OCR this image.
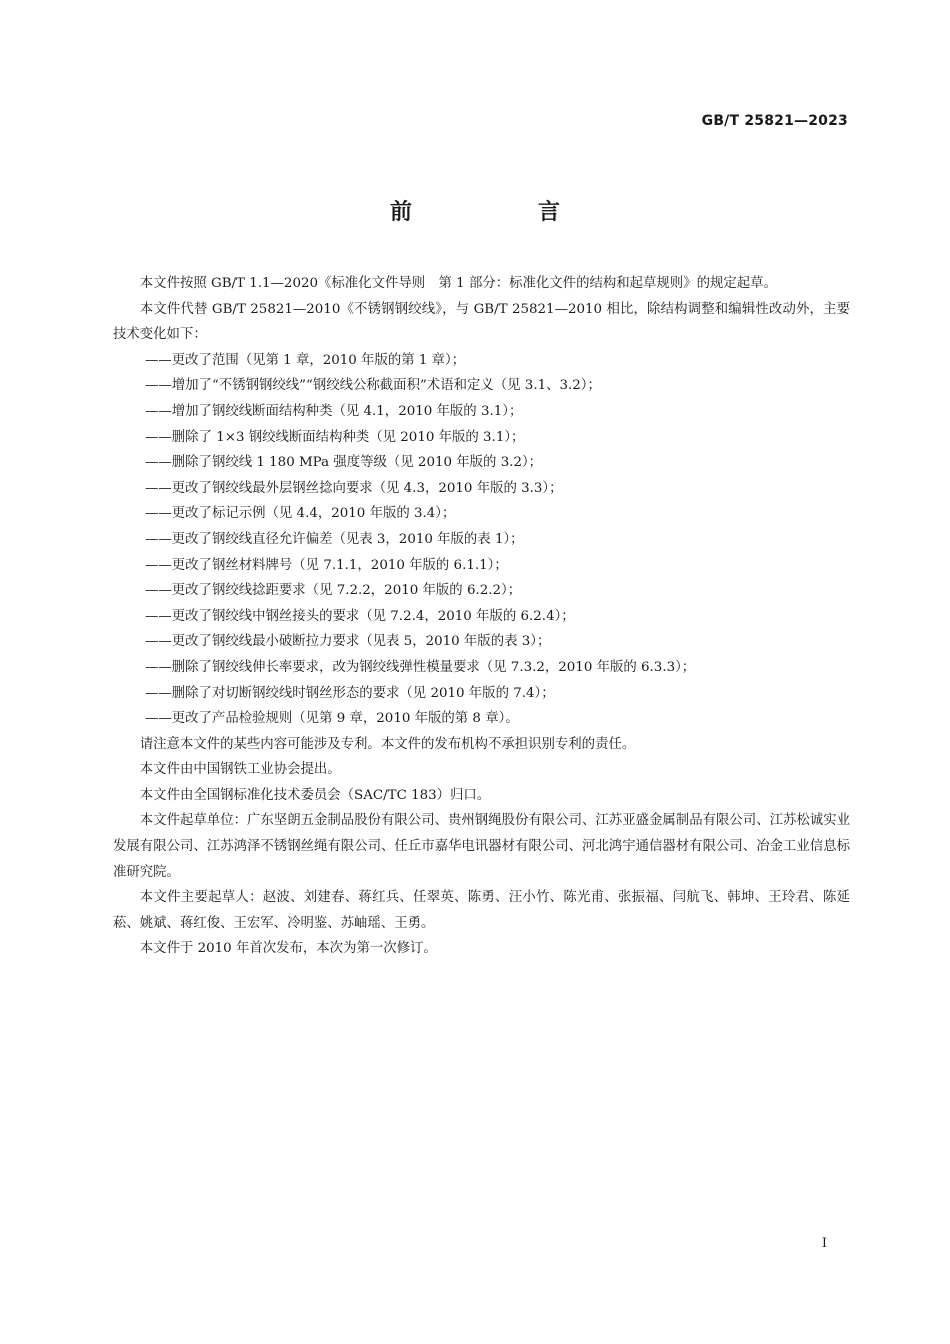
GB/T 25821—2023
前　言

本文件按照 GB/T 1.1—2020《标准化文件导则　第 1 部分：标准化文件的结构和起草规则》的规定起草。

本文件代替 GB/T 25821—2010《不锈钢钢绞线》，与 GB/T 25821—2010 相比，除结构调整和编辑性改动外，主要技术变化如下：

——更改了范围（见第 1 章，2010 年版的第 1 章）；

——增加了“不锈钢钢绞线”“钢绞线公称截面积”术语和定义（见 3.1、3.2）；

——增加了钢绞线断面结构种类（见 4.1，2010 年版的 3.1）；

——删除了 1×3 钢绞线断面结构种类（见 2010 年版的 3.1）；

——删除了钢绞线 1 180 MPa 强度等级（见 2010 年版的 3.2）；

——更改了钢绞线最外层钢丝捻向要求（见 4.3，2010 年版的 3.3）；

——更改了标记示例（见 4.4，2010 年版的 3.4）；

——更改了钢绞线直径允许偏差（见表 3，2010 年版的表 1）；

——更改了钢丝材料牌号（见 7.1.1，2010 年版的 6.1.1）；

——更改了钢绞线捻距要求（见 7.2.2，2010 年版的 6.2.2）；

——更改了钢绞线中钢丝接头的要求（见 7.2.4，2010 年版的 6.2.4）；

——更改了钢绞线最小破断拉力要求（见表 5，2010 年版的表 3）；

——删除了钢绞线伸长率要求，改为钢绞线弹性模量要求（见 7.3.2，2010 年版的 6.3.3）；

——删除了对切断钢绞线时钢丝形态的要求（见 2010 年版的 7.4）；

——更改了产品检验规则（见第 9 章，2010 年版的第 8 章）。

请注意本文件的某些内容可能涉及专利。本文件的发布机构不承担识别专利的责任。

本文件由中国钢铁工业协会提出。

本文件由全国钢标准化技术委员会（SAC/TC 183）归口。

本文件起草单位：广东坚朗五金制品股份有限公司、贵州钢绳股份有限公司、江苏亚盛金属制品有限公司、江苏松诚实业发展有限公司、江苏鸿泽不锈钢丝绳有限公司、任丘市嘉华电讯器材有限公司、河北鸿宇通信器材有限公司、冶金工业信息标准研究院。

本文件主要起草人：赵波、刘建春、蒋红兵、任翠英、陈勇、汪小竹、陈光甫、张振福、闫航飞、韩坤、王玲君、陈延菘、姚斌、蒋红俊、王宏军、冷明鉴、苏岫瑶、王勇。

本文件于 2010 年首次发布，本次为第一次修订。

I
